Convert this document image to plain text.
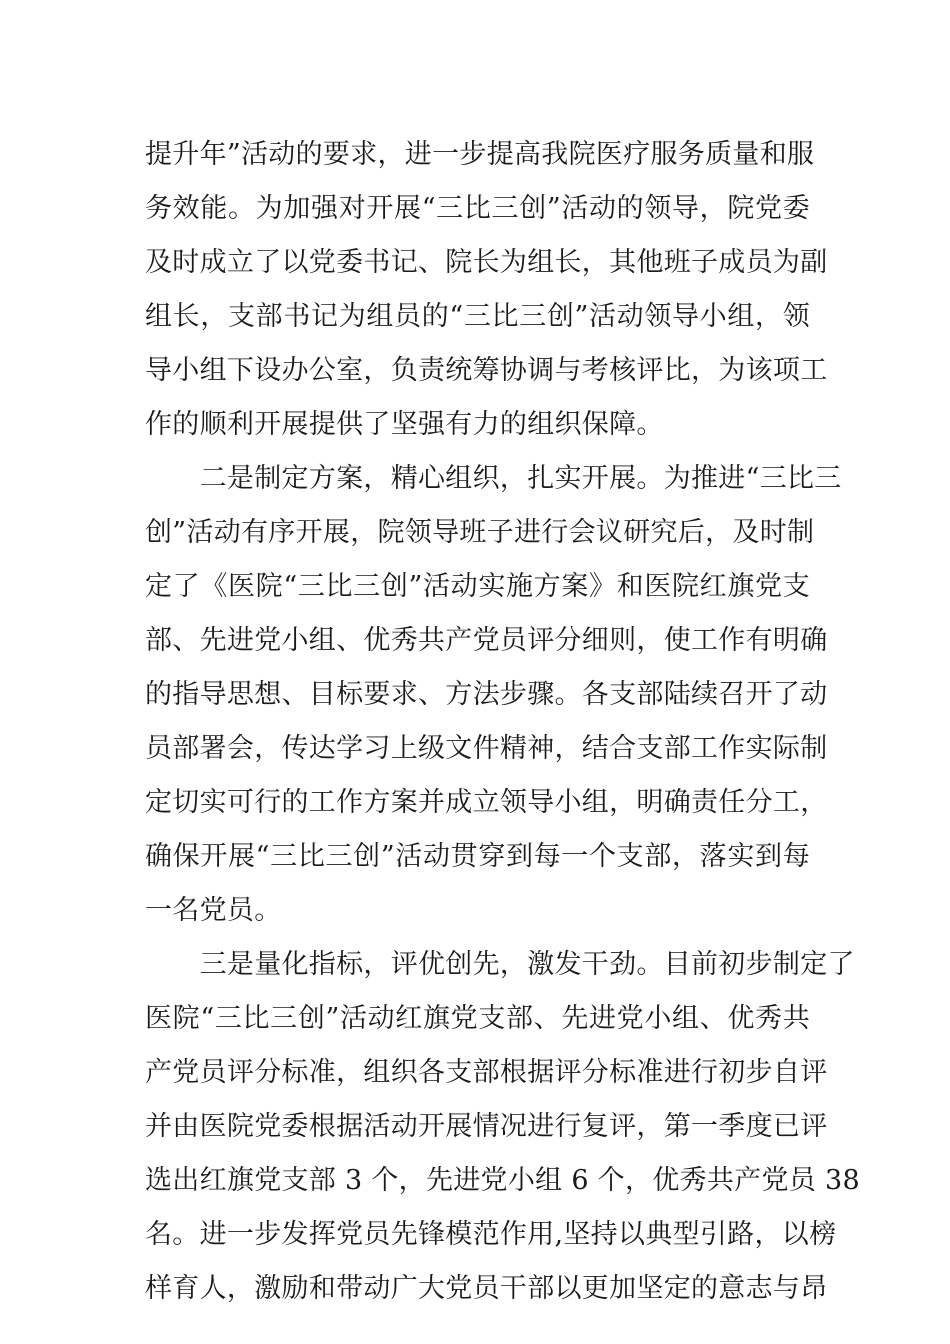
提升年”活动的要求，进一步提高我院医疗服务质量和服
务效能。为加强对开展“三比三创”活动的领导，院党委
及时成立了以党委书记、院长为组长，其他班子成员为副
组长，支部书记为组员的“三比三创”活动领导小组，领
导小组下设办公室，负责统筹协调与考核评比，为该项工
作的顺利开展提供了坚强有力的组织保障。
　　二是制定方案，精心组织，扎实开展。为推进“三比三
创”活动有序开展，院领导班子进行会议研究后，及时制
定了《医院“三比三创”活动实施方案》和医院红旗党支
部、先进党小组、优秀共产党员评分细则，使工作有明确
的指导思想、目标要求、方法步骤。各支部陆续召开了动
员部署会，传达学习上级文件精神，结合支部工作实际制
定切实可行的工作方案并成立领导小组，明确责任分工，
确保开展“三比三创”活动贯穿到每一个支部，落实到每
一名党员。
　　三是量化指标，评优创先，激发干劲。目前初步制定了
医院“三比三创”活动红旗党支部、先进党小组、优秀共
产党员评分标准，组织各支部根据评分标准进行初步自评
并由医院党委根据活动开展情况进行复评，第一季度已评
选出红旗党支部 3 个，先进党小组 6 个，优秀共产党员 38
名。进一步发挥党员先锋模范作用,坚持以典型引路，以榜
样育人，激励和带动广大党员干部以更加坚定的意志与昂
